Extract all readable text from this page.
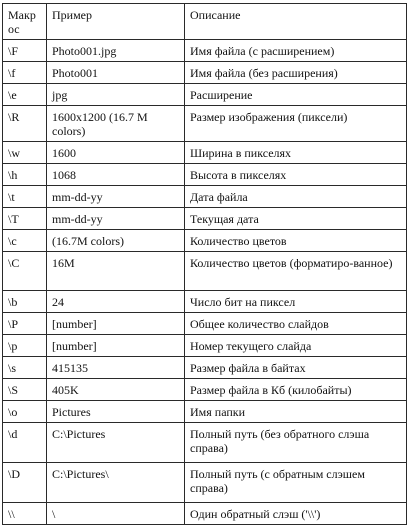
Макрос	Пример	Описание
\F	Photo001.jpg	Имя файла (с расширением)
\f	Photo001	Имя файла (без расширения)
\e	jpg	Расширение
\R	1600x1200 (16.7 M colors)	Размер изображения (пиксели)
\w	1600	Ширина в пикселях
\h	1068	Высота в пикселях
\t	mm-dd-yy	Дата файла
\T	mm-dd-yy	Текущая дата
\c	(16.7M colors)	Количество цветов
\C	16M	Количество цветов (форматиро-ванное)
\b	24	Число бит на пиксел
\P	[number]	Общее количество слайдов
\p	[number]	Номер текущего слайда
\s	415135	Размер файла в байтах
\S	405K	Размер файла в Кб (килобайты)
\o	Pictures	Имя папки
\d	C:\Pictures	Полный путь (без обратного слэша справа)
\D	C:\Pictures\	Полный путь (с обратным слэшем справа)
\\	\	Один обратный слэш ('\\')
